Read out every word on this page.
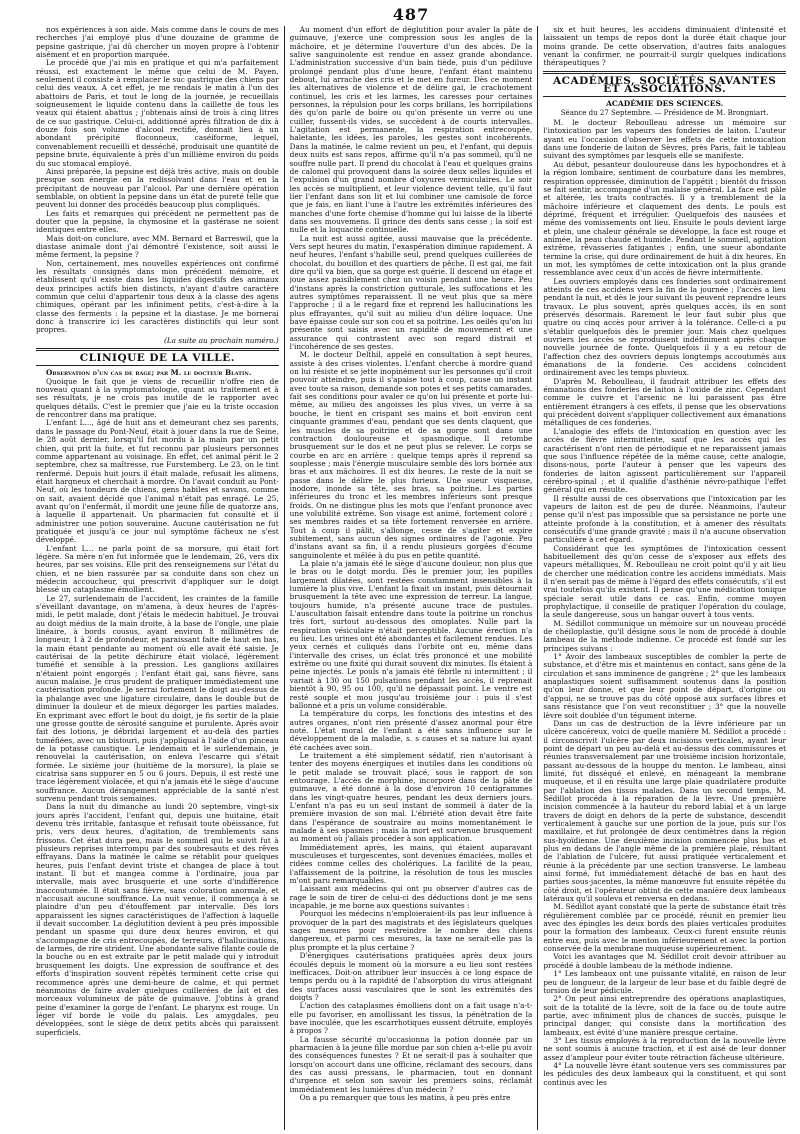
487

nos expériences à son aide. Mais comme dans le cours de mes recherches j'ai employé plus d'une douzaine de gramme de pepsine gastrique, j'ai dû chercher un moyen propre à l'obtenir aisément et en proportion marquée.

Le procédé que j'ai mis en pratique et qui m'a parfaitement réussi, est exactement le même que celui de M. Payen, seulement il consiste à remplacer le suc gastrique des chiens par celui des veaux. A cet effet, je me rendais le matin à l'un des abattoirs de Paris, et tout le long de la journée, je recueillais soigneusement le liquide contenu dans la caillette de tous les veaux qui étaient abattus ; j'obtenais ainsi de trois à cinq litres de ce suc gastrique. Celui-ci, additionné après filtration de dix à douze fois son volume d'alcool rectifié, donnait lieu à un abondant précipité floconneux, caséiforme, lequel, convenablement recueilli et desséché, produisait une quantité de pepsine brute, équivalente à près d'un millième environ du poids du suc stomacal employé.

Ainsi préparée, la pepsine est déjà très active, mais on double presque son énergie en la redissolvant dans l'eau et en la précipitant de nouveau par l'alcool. Par une dernière opération semblable, on obtient la pepsine dans un état de pureté telle que peuvent lui donner des procédés beaucoup plus compliqués.

Les faits et remarques qui précèdent ne permettent pas de douter que la pepsine, la chymosine et la gastérase ne soient identiques entre elles.

Mais doit-on conclure, avec MM. Bernard et Barreswil, que la diastase animale dont j'ai démontré l'existence, soit aussi le même ferment, la pepsine ?

Non, certainement, mes nouvelles expériences ont confirmé les résultats consignés dans mon précédent mémoire, et établissent qu'il existe dans les liquides digestifs des animaux deux principes actifs bien distincts, n'ayant d'autre caractère commun que celui d'appartenir tous deux à la classe des agens chimiques, opérant par les infiniment petits, c'est-à-dire à la classe des ferments : la pepsine et la diastase. Je me bornerai donc à transcrire ici les caractères distinctifs qui leur sont propres.

(La suite au prochain numéro.)
CLINIQUE DE LA VILLE.

Observation d'un cas de rage; par M. le docteur Blatin.

Quoique le fait que je viens de recueillir n'offre rien de nouveau quant à la symptomatologie, quant au traitement et à ses résultats, je ne crois pas inutile de le rapporter avec quelques détails. C'est le premier que j'aie eu la triste occasion de rencontrer dans ma pratique.

L'enfant L..., âgé de huit ans et demeurant chez ses parents, dans le passage du Pont-Neuf, était à jouer dans la rue de Seine, le 28 août dernier, lorsqu'il fut mordu à la main par un petit chien, qui prit la fuite, et fut reconnu par plusieurs personnes comme appartenant au voisinage. En effet, cet animal périt le 2 septembre, chez sa maîtresse, rue Furstemberg. Le 23, on le tint renfermé. Depuis huit jours il était malade, refusait les alimens, était hargneux et cherchait à mordre. On l'avait conduit au Pont-Neuf, où les tondeurs de chiens, gens habiles et savans, comme on sait, avaient décidé que l'animal n'était pas enragé. Le 25, avant qu'on l'enfermât, il mordit une jeune fille de quatorze ans, à laquelle il appartenait. Un pharmacien fut consulté et il administrer une potion souveraine. Aucune cautérisation ne fut pratiquée et jusqu'à ce jour nul symptôme fâcheux ne s'est développé.

L'enfant L... ne parla point de sa morsure, qui était fort légère. Sa mère n'en fut informée que le lendemain, 26, vers dix heures, par ses voisins. Elle prit des renseignemens sur l'état du chien, et ne bien rassurée par sa conduite dans son chez un médecin accoucheur, qui prescrivit d'appliquer sur le doigt blessé un cataplasme émollient.

Le 27, surlendemain de l'accident, les craintes de la famille s'éveillant davantage, on m'amena, à deux heures de l'après-midi, le petit malade, dont j'étais le médecin habituel. Je trouvai au doigt médius de la main droite, à la base de l'ongle, une plaie linéaire, à bords cousus, ayant environ 8 millimètres de longueur, 1 à 2 de profondeur, et paraissant faite de haut en bas, la main étant pendante au moment où elle avait été saisie. Je cautérisai de la petite déchirure était violacé, légèrement tuméfié et sensible à la pression. Les ganglions axillaires n'étaient point engorgés ; l'enfant était gai, sans fièvre, sans aucun malaise. Je crus prudent de pratiquer immédiatement une cautérisation profonde. Je serrai fortement le doigt au-dessus de la phalange avec une ligature circulaire, dans le double but de diminuer la douleur et de mieux dégorger les parties malades. En exprimant avec effort le bout du doigt, je fis sortir de la plaie une grosse goutte de sérosité sanguine et purulente. Après avoir fait des lotions, je débridai largement et au-delà des parties tuméfiées, avec un bistouri, puis j'appliquai à l'aide d'un pinceau de la potasse caustique. Le lendemain et le surlendemain, je renouvelai la cautérisation, on enleva l'escarre qui s'était formée. Le sixième jour (huitième de la morsure), la plaie se cicatrisa sans suppurer en 5 ou 6 jours. Depuis, il est resté une trace légèrement violacée, et qui n'a jamais été le siège d'aucune souffrance. Aucun dérangement appréciable de la santé n'est survenu pendant trois semaines.

Dans la nuit du dimanche au lundi 20 septembre, vingt-six jours après l'accident, l'enfant qui, depuis une huitaine, était devenu très irritable, fantasque et refusait toute obéissance, fut pris, vers deux heures, d'agitation, de tremblements sans frissons. Cet état dura peu, mais le sommeil qui le suivit fut à plusieurs reprises interrompu par des soubresauts et des rêves effrayans. Dans la matinée le calme se rétablit pour quelques heures, puis l'enfant devint triste et changea de place à tout instant. Il but et mangea comme à l'ordinaire, joua par intervalle, mais avec brusquerie et une sorte d'indifférence inaccoutumée. Il était sans fièvre, sans coloration anormale, et n'accusait aucune souffrance. La nuit venue, il commença à se plaindre d'un peu d'étouffement par intervalle. Dès lors apparaissent les signes caractéristiques de l'affection à laquelle il devait succomber. La déglutition devient à peu près impossible pendant un spasme qui dure deux heures environ, et qui s'accompagne de cris entrecoupés, de terreurs, d'hallucinations, de larmes, de rire strident. Une abondante salive filante coule de la bouche ou en est extraite par le petit malade qui y introduit brusquement les doigts. Une expression de souffrance et des efforts d'inspiration souvent répétés terminent cette crise qui recommence après une demi-heure de calme, et qui permet néanmoins de faire avaler quelques cuillerées de lait et des morceaux volumineux de pâte de guimauve. J'obtins à grand peine d'examiner la gorge de l'enfant. Le pharynx est rouge. Un léger vif borde le voile du palais. Les amygdales, peu développées, sont le siège de deux petits abcès qui paraissent superficiels.

Au moment d'un effort de déglutition pour avaler la pâte de guimauve, j'exerce une compression sous les angles de la mâchoire, et je détermine l'ouverture d'un des abcès. De la salive sanguinolente est rendue en assez grande abondance. L'administration successive d'un bain tiède, puis d'un pédiluve prolongé pendant plus d'une heure, l'enfant étant maintenu debout, lui arrache des cris et le met en fureur. Dès ce moment les alternatives de violence et de délire gai, le crachotement continuel, les cris et les larmes, les caresses pour certaines personnes, la répulsion pour les corps brillans, les horripilations dès qu'on parle de boire ou qu'on présente un verre ou une cuiller, fussent-ils vides, se succèdent à de courts intervalles. L'agitation est permanente, la respiration entrecoupée, haletante, les idées, les paroles, les gestes sont incohérents. Dans la matinée, le calme revient un peu, et l'enfant, qui depuis deux nuits est sans repos, affirme qu'il n'a pas sommeil, qu'il ne souffre nulle part. Il prend du chocolat à l'eau et quelques grains de calomel qui provoquent dans la soirée deux selles liquides et l'expulsion d'un grand nombre d'oxyures vermiculaires. Le soir les accès se multiplient, et leur violence devient telle, qu'il faut lier l'enfant dans son lit et lui combiner une camisole de force que je fais, en liant l'une à l'autre les extrémités inférieures des manches d'une forte chemise d'homme qui lui laisse de la liberté dans ses mouvemens. Il grince des dents sans cesse ; la soif est nulle et la loquacité continuelle.

La nuit est aussi agitée, aussi mauvaise que la précédente. Vers sept heures du matin, l'exaspération diminue rapidement. A neuf heures, l'enfant s'habille seul, prend quelques cuillerées de chocolat, du bouillon et des quartiers de pêche. Il est gai, me fait dire qu'il va bien, que sa gorge est guérie. Il descend un étage et joue assez paisiblement chez un voisin pendant une heure. Peu d'instans après la constriction gutturale, les suffocations et les autres symptômes reparaissent. Il ne veut plus que sa mère l'approche ; il a le regard fixe et reprend les hallucinations les plus effrayantes, qu'il suit au milieu d'un délire loquace. Une bave épaisse coule sur son cou et sa poitrine. Les oeilés qu'on lui présente sont saisis avec un rapidité de mouvement et une assurance qui contrastent avec son regard distrait et l'incohérence de ses gestes.

M. le docteur Delthil, appelé en consultation à sept heures, assiste à des crises violentes. L'enfant cherche à mordre quand on lui résiste et se jette inopinément sur les personnes qu'il croit pouvoir atteindre, puis il s'apaise tout à coup, cause un instant avec toute sa raison, demande son potes et ses petits camarades, fait ses conditions pour avaler ce qu'on lui présente et porte lui-même, au milieu des angoisses les plus vives, un verre à sa bouche, le tient en crispant ses mains et boit environ cent cinquante grammes d'eau, pendant que ses dents claquent, que les muscles de sa poitrine et de sa gorge sont dans une contraction douloureuse et spasmodique. Il retombe brusquement sur le dos et ne peut plus se relever. Le corps se courbe en arc en arrière : quelque temps après il reprend sa souplesse ; mais l'énergie musculaire semble dès lors bornée aux bras et aux mâchoires. Il est dix heures. Le reste de la nuit se passe dans le délire le plus furieux. Une sueur visqueuse, inodore, inonde sa tête, ses bras, sa poitrine. Les parties inférieures du tronc et les membres inférieurs sont presque froids. On ne distingue plus les mots que l'enfant prononce avec une volubilité extrême. Son visage est animé, fortement coloré ; ses membres raides et sa tête fortement renversée en arrière. Tout à coup il pâlit, s'allonge, cesse de s'agiter et expire subitement, sans aucun des signes ordinaires de l'agonie. Peu d'instans avant sa fin, il a rendu plusieurs gorgées d'écume sanguinolente et mêlée à du pus en petite quantité.

La plaie n'a jamais été le siège d'aucune douleur, non plus que le bras ou le doigt mordu. Dès le premier jour, les pupilles largement dilatées, sont restées constamment insensibles à la lumière la plus vive. L'enfant la fixait un instant, puis détournait brusquement la tête avec une expression de terreur. La langue, toujours humide, n'a présenté aucune trace de pustules. L'auscultation faisait entendre dans toute la poitrine un ronchus très fort, surtout au-dessous des omoplates. Nulle part la respiration vésiculaire n'était perceptible. Aucune érection n'a eu lieu. Les urines ont été abondantes et facilement rendues. Les yeux cernés et culiqués dans l'orbite ont eu, même dans l'intervalle des crises, un éclat très prononcé et une mobilité extrême ou une fixité qui durait souvent dix minutes. Ils étaient à peine injectés. Le pouls n'a jamais été fébrile ni intermittent ; il variait à 130 ou 150 pulsations pendant les accès, il reprenait bientôt à 90, 95 ou 100, qu'il ne dépassait point. Le ventre est resté souple et mou jusqu'au troisième jour : puis il s'est ballonné et a pris un volume considérable.

La température du corps, les fonctions des intestins et des autres organes, n'ont rien présenté d'assez anormal pour être noté. L'état moral de l'enfant a été sans influence sur le développement de la maladie, s. s causes et sa nature lui ayant été cachées avec soin.

Le traitement a été simplement sédatif, rien n'autorisant à tenter des moyens énergiques et inutiles dans les conditions où le petit malade se trouvait placé, sous le rapport de son entourage. L'accès de morphine, incorporé dans de la pâte de guimauve, a été donné à la dose d'environ 10 centigrammes dans les vingt-quatre heures, pendant les deux derniers jours. L'enfant n'a pas eu un seul instant de sommeil à dater de la première invasion de son mal. L'ébriété ation devait être faite dans l'espérance de soustraire au moins momentanément le malade à ses spasmes ; mais la mort est survenue brusquement au moment où j'allais procéder à son application.

Immédiatement après, les mains, qui étaient auparavant musculeuses et turgescentes, sont devenues émaciées, molles et ridées comme celles des cholériques. La facilité de la peau, l'affaissement de la poitrine, la résolution de tous les muscles m'ont paru remarquables.

Laissant aux médecins qui ont pu observer d'autres cas de rage le soin de tirer de celui-ci des déductions dont je me sens incapable, je me borne aux questions suivantes :

Pourquoi les médecins n'emploieraient-ils pas leur influence à provoquer de la part des magistrats et des législateurs quelques sages mesures pour restreindre le nombre des chiens dangereux, et parmi ces mesures, la taxe ne serait-elle pas la plus prompte et la plus certaine ?

D'énergiques cautérisations pratiquées après deux jours écoulés depuis le moment où la morsure a eu lieu sont restées inefficaces. Doit-on attribuer leur insuccès à ce long espace de temps perdu ou à la rapidité de l'absorption du virus atteignant des surfaces aussi vasculaires que le sont les extrémités des doigts ?

L'action des cataplasmes émolliens dont on a fait usage n'a-t-elle pu favoriser, en amollissant les tissus, la pénétration de la bave inoculée, que les escarrhotiques eussent détruite, employés à propos ?

La fausse sécurité qu'occasionna la potion donnée par un pharmacien à la jeune fille mordue par son chien a-t-elle pu avoir des conséquences funestes ? Et ne serait-il pas à souhaiter que lorsqu'on accourt dans une officine, réclamant des secours, dans des cas aussi pressans, le pharmacien, tout en donnant d'urgence et selon son savoir les premiers soins, réclamât immédiatement les lumières d'un médecin ?

On a pu remarquer que tous les matins, à peu près entre

six et huit heures, les accidens diminuaient d'intensité et laissaient un temps de repos dont la durée était chaque jour moins grande. De cette observation, d'autres faits analogues venant la confirmer, ne pourrait-il surgir quelques indications thérapeutiques ?

ACADÉMIES, SOCIÉTÉS SAVANTES ET ASSOCIATIONS.
ACADÉMIE DES SCIENCES.
Séance du 27 Septembre. — Présidence de M. Brongniart.

M. le docteur Reboulleau adresse un mémoire sur l'intoxication par les vapeurs des fonderies de laiton. L'auteur ayant eu l'occasion d'observer les effets de cette intoxication dans une fonderie de laiton de Sèvres, près Paris, fait le tableau suivant des symptômes par lesquels elle se manifeste.

Au début, pesanteur douloureuse dans les hypochondres et à la région lombaire, sentiment de courbature dans les membres, respiration oppressée, diminution de l'appétit ; bientôt du frisson se fait sentir, accompagné d'un malaise général. La face est pâle et altérée, les traits contractés. Il y a tremblement de la mâchoire inférieure et claquement des dents. Le pouls est déprimé, fréquent et irrégulier. Quelquefois des nausées et même des vomissements ont lieu. Ensuite le pouls devient large et plein, une chaleur générale se développe, la face est rouge et animée, la peau chaude et humide. Pendant le sommeil, agitation extrême, rêvasseries fatigantes ; enfin, une sueur abondante termine la crise, qui dure ordinairement de huit à dix heures. En un mot, les symptômes de cette intoxication ont la plus grande ressemblance avec ceux d'un accès de fièvre intermittente.

Les ouvriers employés dans ces fonderies sont ordinairement atteints de ces accidens vers la fin de la journée ; l'accès a lieu pendant la nuit, et dès le jour suivant ils peuvent reprendre leurs travaux. Le plus souvent, après quelques accès, ils en sont préservés désormais. Rarement le leur faut subir plus que quatre ou cinq accès pour arriver à la tolérance. Celle-ci a pu s'établir quelquefois dès le premier jour. Mais chez quelques ouvriers les accès se reproduisent indéfiniment après chaque nouvelle journée de fonte. Quelquefois il y a eu retour de l'affection chez des ouvriers depuis longtemps accoutumés aux émanations de la fonderie. Ces accidens coïncident ordinairement avec les temps pluvieux.

D'après M. Reboulleau, il faudrait attribuer les effets des émanations des fonderies de laiton à l'oxide de zinc. Cependant comme le cuivre et l'arsenic ne lui paraissent pas être entièrement étrangers à ces effets, il pense que les observations qui précèdent doivent s'appliquer collectivement aux émanations métalliques de ces fonderies.

L'analogie des effets de l'intoxication en question avec les accès de fièvre intermittente, sauf que les accès qui les caractérisent n'ont rien de périodique et ne reparaissent jamais que sous l'influence répétée de la même cause, cette analogie, disons-nous, porte l'auteur à penser que les vapeurs des fonderies de laiton agissent particulièrement sur l'appareil cérébro-spinal ; et il qualifie d'asthénie névro-pathique l'effet général qui en résulte.

Il résulte aussi de ces observations que l'intoxication par les vapeurs de laiton est de peu de durée. Néanmoins, l'auteur pense qu'il n'est pas impossible que sa persistance ne porte une atteinte profonde à la constitution, et à amener des résultats consécutifs d'une grande gravité ; mais il n'a aucune observation particulière à cet égard.

Considérant que les symptômes de l'intoxication cessent habituellement dès qu'on cesse de s'exposer aux effets des vapeurs métalliques, M. Reboulleau ne croit point qu'il y ait lieu de chercher une médication contre les accidens immédiats. Mais il n'en serait pas de même à l'égard des effets consécutifs, s'il est vrai toutefois qu'ils existent. Il pense qu'une médication tonique spéciale serait utile dans ce cas. Enfin, comme moyen prophylactique, il conseille de pratiquer l'opération du coulage, la seule dangereuse, sous un hangar ouvert à tous vents.

M. Sédillot communique un mémoire sur un nouveau procédé de chéiloplastie, qu'il désigne sous le nom de procédé à double lambeau de la méthode indienne. Ce procédé est fondé sur les principes suivans :

1° Avoir des lambeaux susceptibles de combler la perte de substance, et d'être mis et maintenus en contact, sans gêne de la circulation et sans imminence de gangrène ; 2° que les lambeaux anaplastiques soient suffisamment soutenus dans la position qu'on leur donne, et que leur point de départ, d'origine ou d'appui, ne se trouve pas du côté opposé aux surfaces libres et sans résistance que l'on veut reconstituer ; 3° que la nouvelle lèvre soit doublée d'un tégument interne.

Dans un cas de destruction de la lèvre inférieure par un ulcère cancéreux, voici de quelle manière M. Sédillot a procédé : il circonscrivit l'ulcère par deux incisions verticales, ayant leur point de départ un peu au-delà et au-dessus des commissures et réunies transversalement par une troisième incision horizontale, passant au-dessous de la houppe du menton. Le lambeau, ainsi limité, fut disséqué et enlevé, en ménageant la membrane muqueuse, et il en résulta une large plaie quadrilatère produite par l'ablation des tissus malades. Dans un second temps, M. Sédillot procéda à la réparation de la lèvre. Une première incision commencée à la hauteur du rebord labial et à un large travers de doigt en dehors de la perte de substance, descendit verticalement à gauche sur une portion de la joue, puis sur l'os maxillaire, et fut prolongée de deux centimètres dans la région sus-hyoïdienne. Une deuxième incision commencée plus bas et plus en dedans de l'angle même de la première plaie, résultant de l'ablation de l'ulcère, fut aussi pratiquée verticalement et réunie à la précédente par une section transverse. Le lambeau ainsi formé, fut immédiatement détaché de bas en haut des parties sous-jacentes, la même manœuvre fut ensuite répétée du côté droit, et l'opérateur obtint de cette manière deux lambeaux latéraux qu'il souleva et renversa en dedans.

M. Sédillot ayant constaté que la perte de substance était très régulièrement comblée par ce procédé, réunit en premier lieu avec des épingles les deux bords des plaies verticales produites pour la formation des lambeaux. Ceux-ci furent ensuite réunis entre eux, puis avec le menton inférieurement et avec la portion conservée de la membrane muqueuse supérieurement.

Voici les avantages que M. Sédillot croit devoir attribuer au procédé à double lambeau de la méthode indienne.

1° Les lambeaux ont une puissante vitalité, en raison de leur peu de longueur, de la largeur de leur base et du faible degré de torsion de leur pédicule.

2° On peut ainsi entreprendre des opérations anaplastiques, soit de la totalité de la lèvre, soit de la face ou de toute autre partie, avec infiniment plus de chances de succès, puisque le principal danger, qui consiste dans la mortification des lambeaux, est évité d'une manière presque certaine.

3° Les tissus employés à la reproduction de la nouvelle lèvre ne sont soumis à aucune traction, et il est aisé de leur donner assez d'ampleur pour éviter toute rétraction fâcheuse ultérieure.

4° La nouvelle lèvre étant soutenue vers ses commissures par les pédicules des deux lambeaux qui la constituent, et qui sont continus avec les
